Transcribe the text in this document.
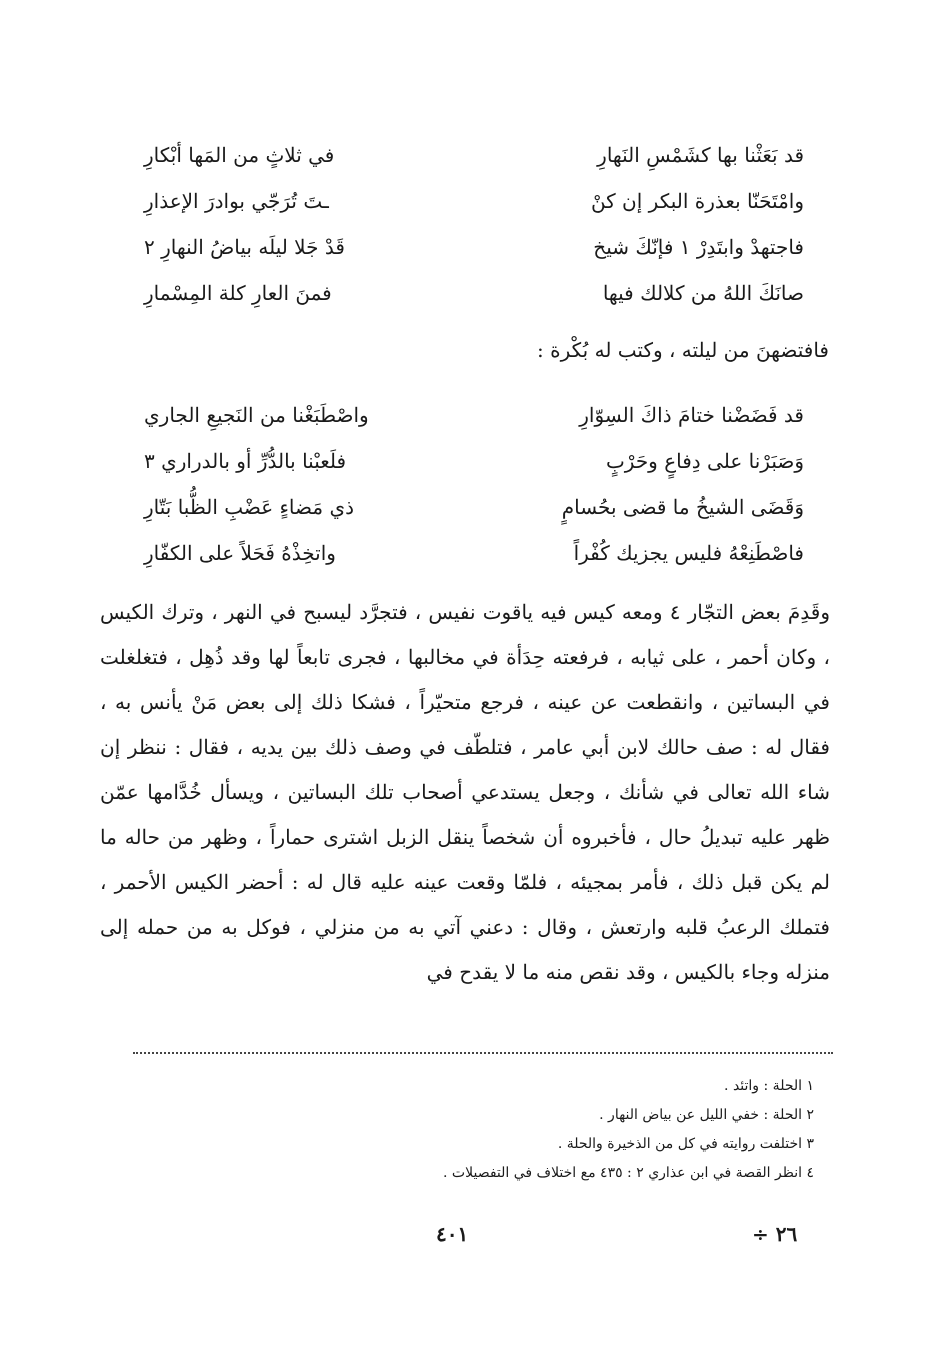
قد بَعَثْنا بها كشَمْسِ النَهارِ
في ثلاثٍ من المَها أبْكارِ
وامْتَحَنّا بعذرة البكر إن كنْ
ـتَ تُرَجّي بوادرَ الإعذارِ
فاجتهدْ وابتَدِرْ ١ فإنّكَ شيخ
قَدْ جَلا ليلَه بياضُ النهارِ ٢
صانَكَ اللهُ من كلالك فيها
فمنَ العارِ كلة المِسْمارِ
فافتضهنَ من ليلته ، وكتب له بُكْرة :
قد فَضَضْنا ختامَ ذاكَ السِوّارِ
واصْطَبَغْنا من النَجيعِ الجاري
وَصَبَرْنا على دِفاعٍ وحَرْبٍ
فلَعبْنا بالدُّرِّ أو بالدراري ٣
وَقَضَى الشيخُ ما قضى بحُسامٍ
ذي مَضاءٍ عَضْبِ الظُّبا بَتّارِ
فاصْطَنِعْهُ فليس يجزيك كُفْراً
واتخِذْهُ فَحَلاً على الكفّارِ

وقَدِمَ بعض التجّار ٤ ومعه كيس فيه ياقوت نفيس ، فتجرَّد ليسبح في النهر ، وترك الكيس ، وكان أحمر ، على ثيابه ، فرفعته حِدَأة في مخالبها ، فجرى تابعاً لها وقد ذُهِل ، فتغلغلت في البساتين ، وانقطعت عن عينه ، فرجع متحيّراً ، فشكا ذلك إلى بعض مَنْ يأنس به ، فقال له : صف حالك لابن أبي عامر ، فتلطّف في وصف ذلك بين يديه ، فقال : ننظر إن شاء الله تعالى في شأنك ، وجعل يستدعي أصحاب تلك البساتين ، ويسأل خُدَّامها عمّن ظهر عليه تبديلُ حال ، فأخبروه أن شخصاً ينقل الزبل اشترى حماراً ، وظهر من حاله ما لم يكن قبل ذلك ، فأمر بمجيئه ، فلمّا وقعت عينه عليه قال له : أحضر الكيس الأحمر ، فتملك الرعبُ قلبه وارتعش ، وقال : دعني آتي به من منزلي ، فوكل به من حمله إلى منزله وجاء بالكيس ، وقد نقص منه ما لا يقدح في

١ الحلة : واتئد .
٢ الحلة : خفي الليل عن بياض النهار .
٣ اختلفت روايته في كل من الذخيرة والحلة .
٤ انظر القصة في ابن عذاري ٢ : ٤٣٥ مع اختلاف في التفصيلات .
٤٠١	٢٦ ÷
